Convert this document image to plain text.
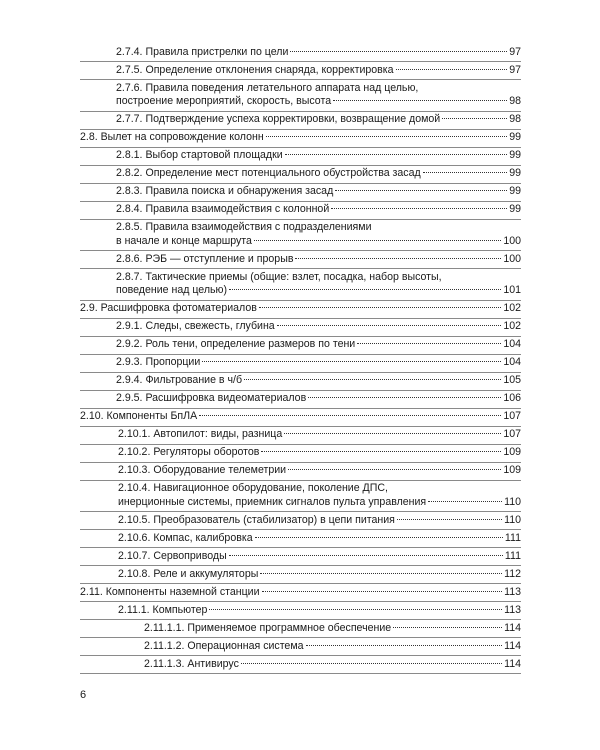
2.7.4. Правила пристрелки по цели	97
2.7.5. Определение отклонения снаряда, корректировка	97
2.7.6. Правила поведения летательного аппарата над целью,
построение мероприятий, скорость, высота	98
2.7.7. Подтверждение успеха корректировки, возвращение домой	98
2.8. Вылет на сопровождение колонн	99
2.8.1. Выбор стартовой площадки	99
2.8.2. Определение мест потенциального обустройства засад	99
2.8.3. Правила поиска и обнаружения засад	99
2.8.4. Правила взаимодействия с колонной	99
2.8.5. Правила взаимодействия с подразделениями
в начале и конце маршрута	100
2.8.6. РЭБ — отступление и прорыв	100
2.8.7. Тактические приемы (общие: взлет, посадка, набор высоты,
поведение над целью)	101
2.9. Расшифровка фотоматериалов	102
2.9.1. Следы, свежесть, глубина	102
2.9.2. Роль тени, определение размеров по тени	104
2.9.3. Пропорции	104
2.9.4. Фильтрование в ч/б	105
2.9.5. Расшифровка видеоматериалов	106
2.10. Компоненты БпЛА	107
2.10.1. Автопилот: виды, разница	107
2.10.2. Регуляторы оборотов	109
2.10.3. Оборудование телеметрии	109
2.10.4. Навигационное оборудование, поколение ДПС,
инерционные системы, приемник сигналов пульта управления	110
2.10.5. Преобразователь (стабилизатор) в цепи питания	110
2.10.6. Компас, калибровка	111
2.10.7. Сервоприводы	111
2.10.8. Реле и аккумуляторы	112
2.11. Компоненты наземной станции	113
2.11.1. Компьютер	113
2.11.1.1. Применяемое программное обеспечение	114
2.11.1.2. Операционная система	114
2.11.1.3. Антивирус	114
6
